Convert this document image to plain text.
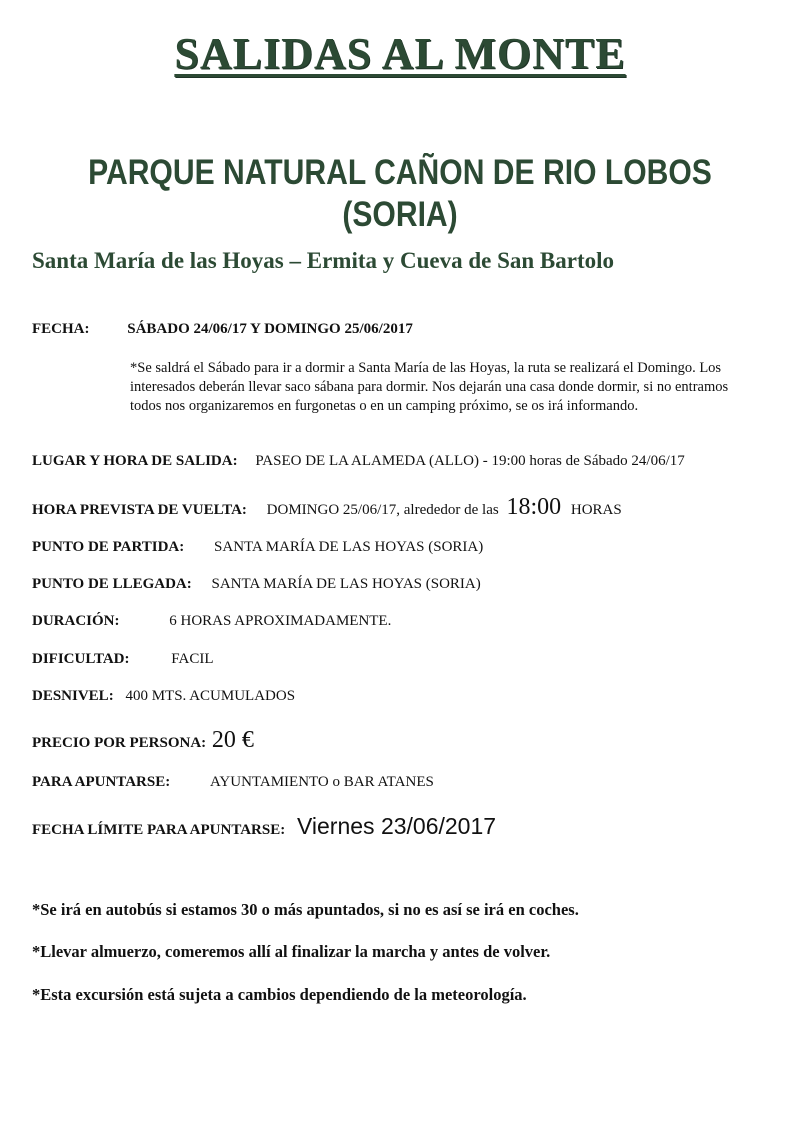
SALIDAS AL MONTE
PARQUE NATURAL CAÑON DE RIO LOBOS
(SORIA)
Santa María de las Hoyas – Ermita y Cueva de San Bartolo
FECHA:	SÁBADO 24/06/17 Y DOMINGO 25/06/2017
*Se saldrá el Sábado para ir a dormir a Santa María de las Hoyas, la ruta se realizará el Domingo. Los interesados deberán llevar saco sábana para dormir. Nos dejarán una casa donde dormir, si no entramos todos nos organizaremos en furgonetas o en un camping próximo, se os irá informando.
LUGAR Y HORA DE SALIDA: PASEO DE LA ALAMEDA (ALLO) - 19:00 horas de Sábado 24/06/17
HORA PREVISTA DE VUELTA: DOMINGO 25/06/17, alrededor de las 18:00 HORAS
PUNTO DE PARTIDA: SANTA MARÍA DE LAS HOYAS (SORIA)
PUNTO DE LLEGADA: SANTA MARÍA DE LAS HOYAS (SORIA)
DURACIÓN:	6 HORAS APROXIMADAMENTE.
DIFICULTAD:	FACIL
DESNIVEL: 400 MTS. ACUMULADOS
PRECIO POR PERSONA: 20 €
PARA APUNTARSE:	AYUNTAMIENTO o BAR ATANES
FECHA LÍMITE PARA APUNTARSE: Viernes 23/06/2017
*Se irá en autobús si estamos 30 o más apuntados, si no es así se irá en coches.
*Llevar almuerzo, comeremos allí al finalizar la marcha y antes de volver.
*Esta excursión está sujeta a cambios dependiendo de la meteorología.
